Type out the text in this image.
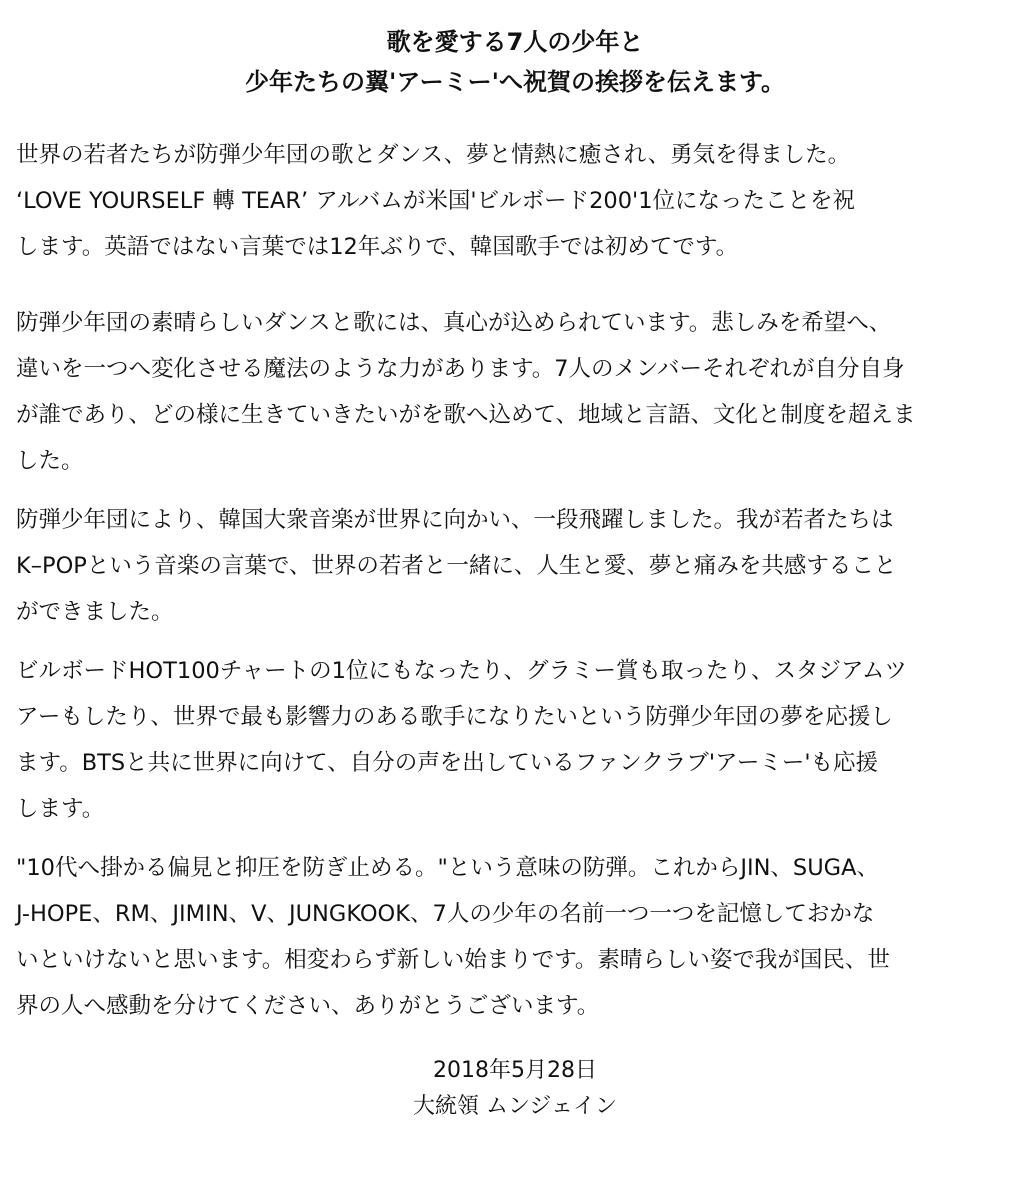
歌を愛する7人の少年と
少年たちの翼'アーミー'へ祝賀の挨拶を伝えます。
世界の若者たちが防弾少年団の歌とダンス、夢と情熱に癒され、勇気を得ました。
‘LOVE YOURSELF 轉 TEAR’ アルバムが米国'ビルボード200'1位になったことを祝
します。英語ではない言葉では12年ぶりで、韓国歌手では初めてです。
防弾少年団の素晴らしいダンスと歌には、真心が込められています。悲しみを希望へ、
違いを一つへ変化させる魔法のような力があります。7人のメンバーそれぞれが自分自身
が誰であり、どの様に生きていきたいがを歌へ込めて、地域と言語、文化と制度を超えま
した。
防弾少年団により、韓国大衆音楽が世界に向かい、一段飛躍しました。我が若者たちは
K–POPという音楽の言葉で、世界の若者と一緒に、人生と愛、夢と痛みを共感すること
ができました。
ビルボードHOT100チャートの1位にもなったり、グラミー賞も取ったり、スタジアムツ
アーもしたり、世界で最も影響力のある歌手になりたいという防弾少年団の夢を応援し
ます。BTSと共に世界に向けて、自分の声を出しているファンクラブ'アーミー'も応援
します。
"10代へ掛かる偏見と抑圧を防ぎ止める。"という意味の防弾。これからJIN、SUGA、
J-HOPE、RM、JIMIN、V、JUNGKOOK、7人の少年の名前一つ一つを記憶しておかな
いといけないと思います。相変わらず新しい始まりです。素晴らしい姿で我が国民、世
界の人へ感動を分けてください、ありがとうございます。
2018年5月28日
大統領 ムンジェイン
